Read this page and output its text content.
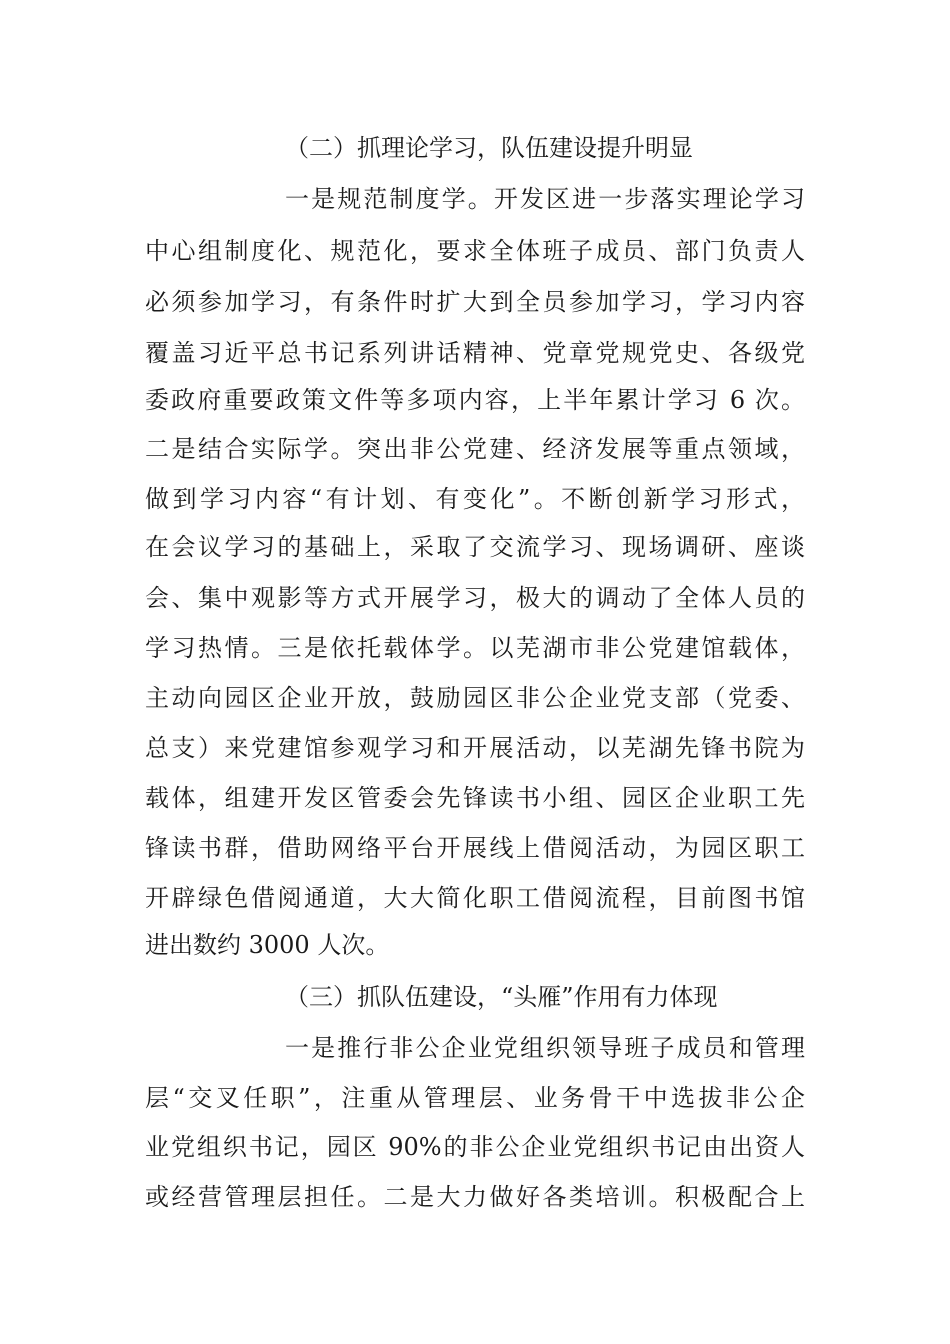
（二）抓理论学习，队伍建设提升明显
一是规范制度学。开发区进一步落实理论学习
中心组制度化、规范化，要求全体班子成员、部门负责人
必须参加学习，有条件时扩大到全员参加学习，学习内容
覆盖习近平总书记系列讲话精神、党章党规党史、各级党
委政府重要政策文件等多项内容，上半年累计学习 6 次。
二是结合实际学。突出非公党建、经济发展等重点领域，
做到学习内容“有计划、有变化”。不断创新学习形式，
在会议学习的基础上，采取了交流学习、现场调研、座谈
会、集中观影等方式开展学习，极大的调动了全体人员的
学习热情。三是依托载体学。以芜湖市非公党建馆载体，
主动向园区企业开放，鼓励园区非公企业党支部（党委、
总支）来党建馆参观学习和开展活动，以芜湖先锋书院为
载体，组建开发区管委会先锋读书小组、园区企业职工先
锋读书群，借助网络平台开展线上借阅活动，为园区职工
开辟绿色借阅通道，大大简化职工借阅流程，目前图书馆
进出数约 3000 人次。
（三）抓队伍建设，“头雁”作用有力体现
一是推行非公企业党组织领导班子成员和管理
层“交叉任职”，注重从管理层、业务骨干中选拔非公企
业党组织书记，园区 90%的非公企业党组织书记由出资人
或经营管理层担任。二是大力做好各类培训。积极配合上
